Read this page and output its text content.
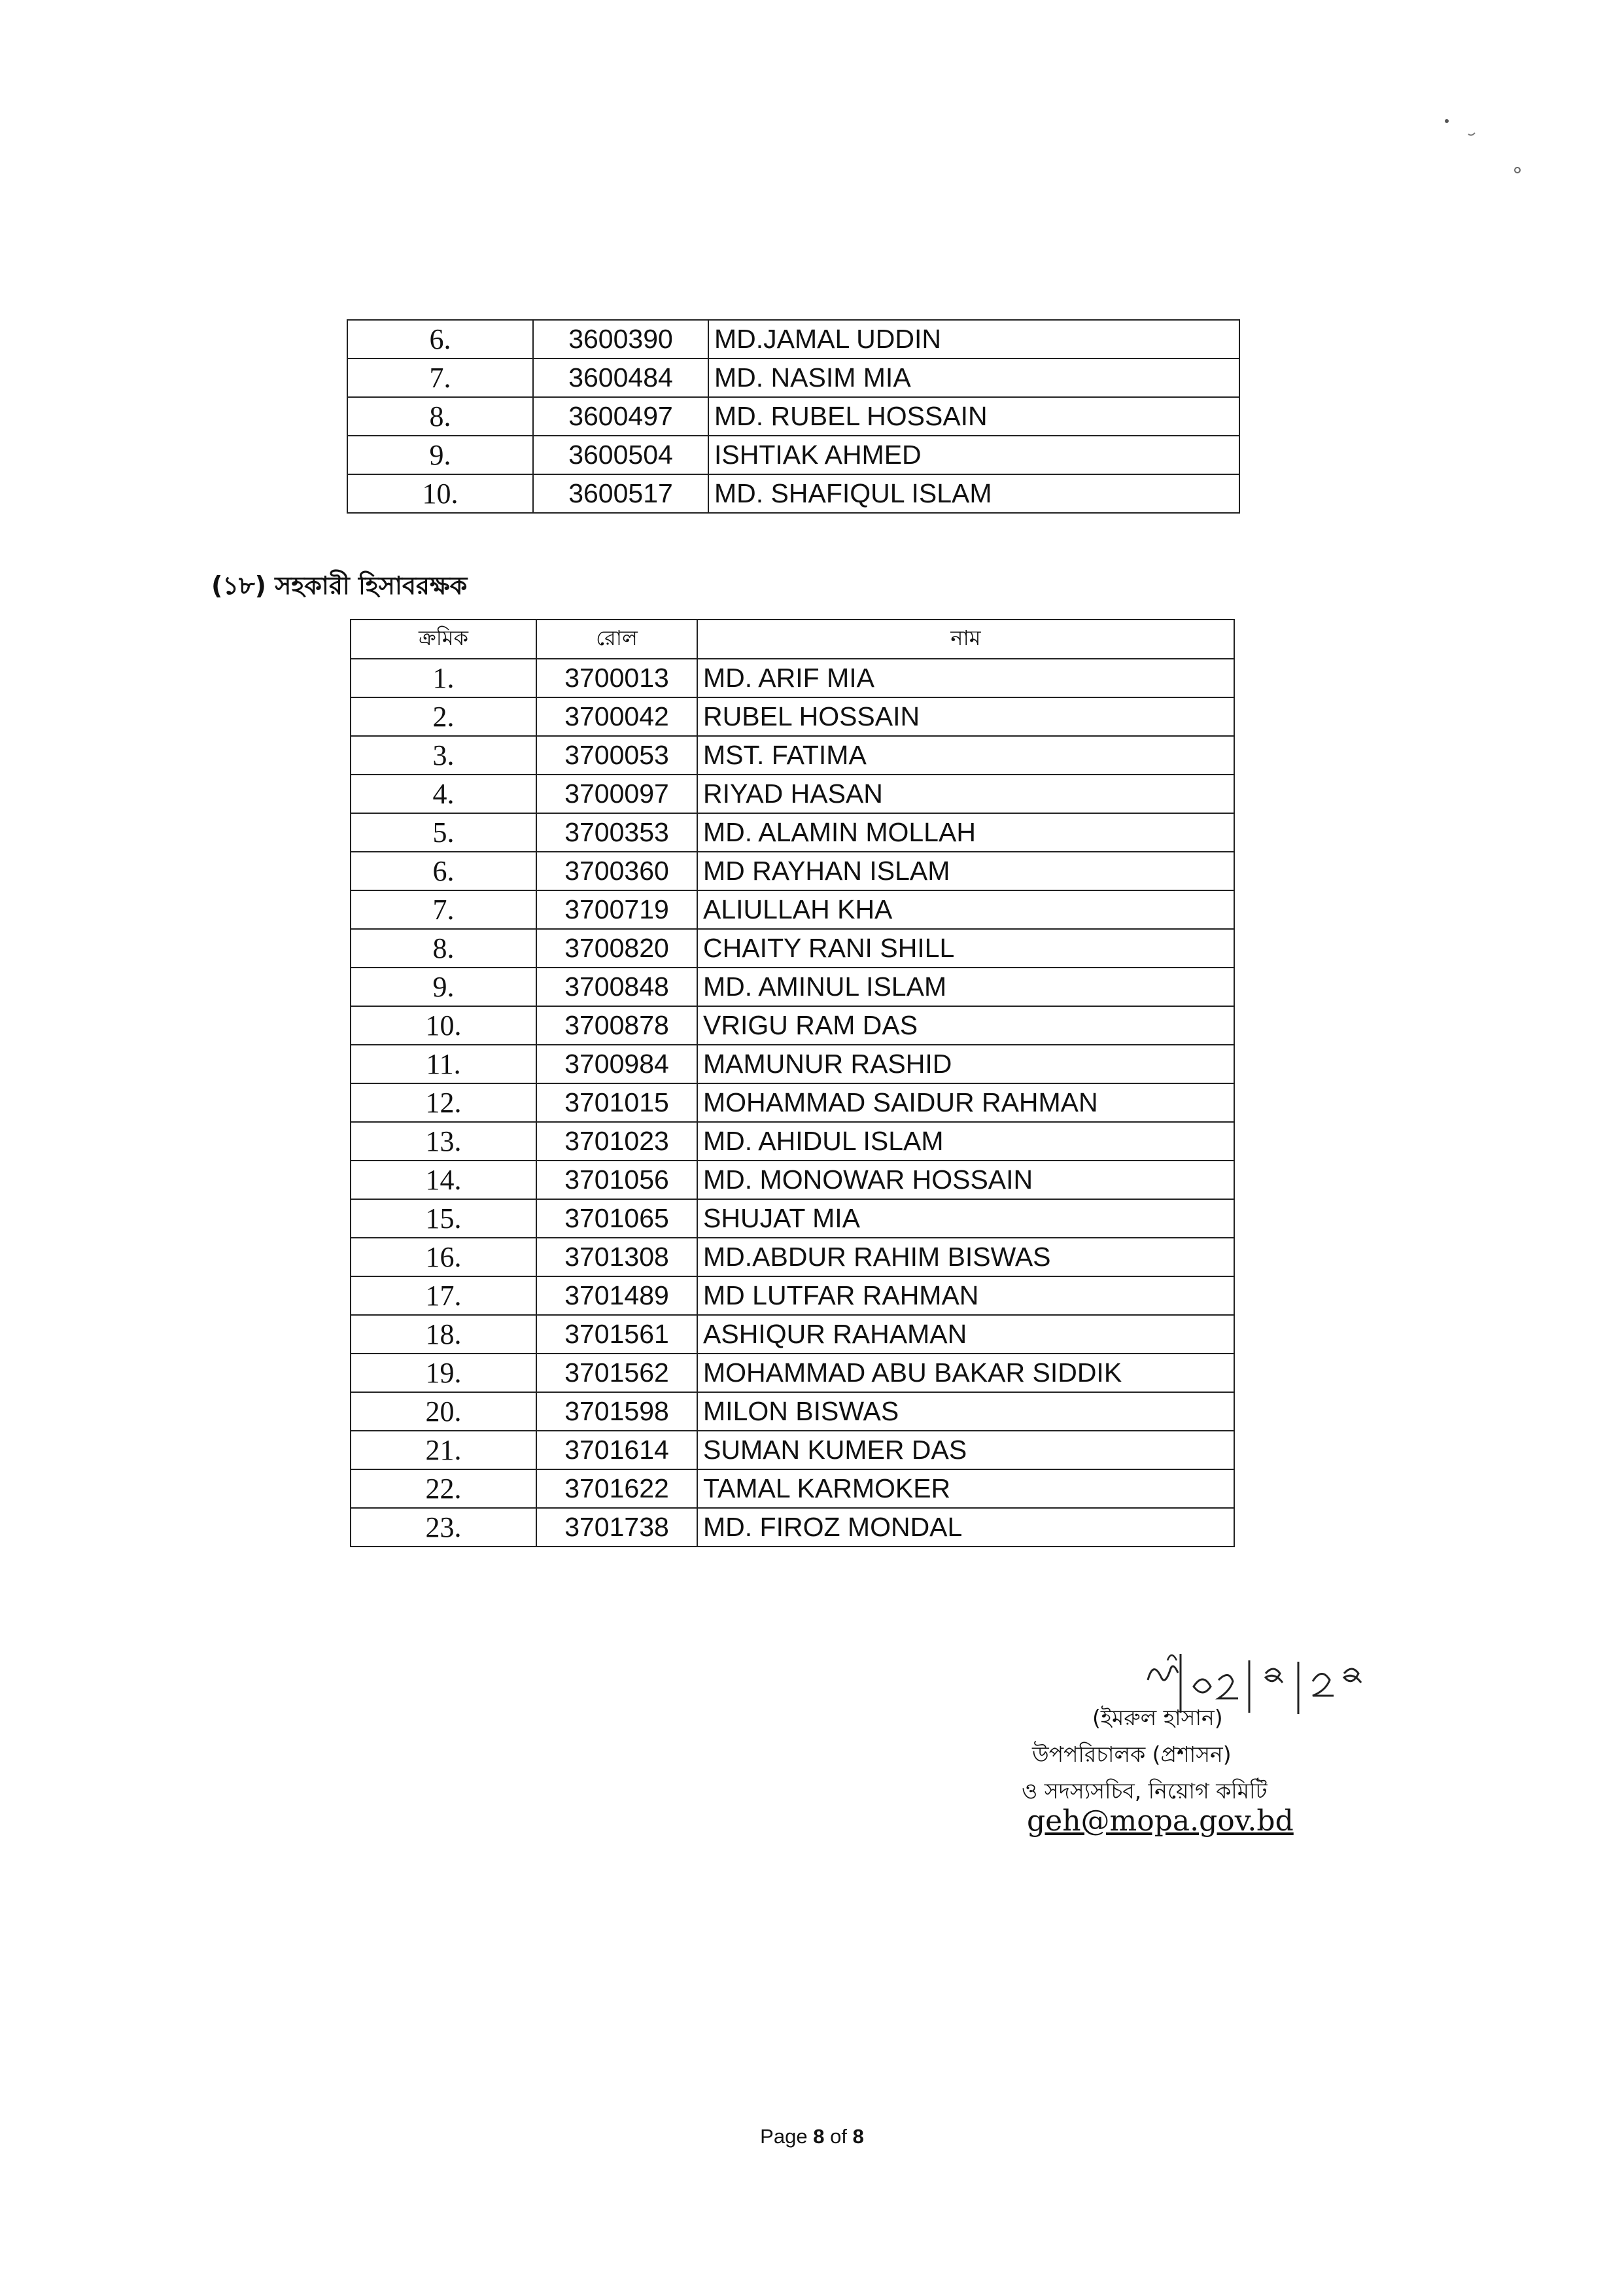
6.	3600390	MD.JAMAL UDDIN
7.	3600484	MD. NASIM MIA
8.	3600497	MD. RUBEL HOSSAIN
9.	3600504	ISHTIAK AHMED
10.	3600517	MD. SHAFIQUL ISLAM
(১৮) সহকারী হিসাবরক্ষক
ক্রমিক	রোল	নাম
1.	3700013	MD. ARIF MIA
2.	3700042	RUBEL HOSSAIN
3.	3700053	MST. FATIMA
4.	3700097	RIYAD HASAN
5.	3700353	MD. ALAMIN MOLLAH
6.	3700360	MD RAYHAN ISLAM
7.	3700719	ALIULLAH KHA
8.	3700820	CHAITY RANI SHILL
9.	3700848	MD. AMINUL ISLAM
10.	3700878	VRIGU RAM DAS
11.	3700984	MAMUNUR RASHID
12.	3701015	MOHAMMAD SAIDUR RAHMAN
13.	3701023	MD. AHIDUL ISLAM
14.	3701056	MD. MONOWAR HOSSAIN
15.	3701065	SHUJAT MIA
16.	3701308	MD.ABDUR RAHIM BISWAS
17.	3701489	MD LUTFAR RAHMAN
18.	3701561	ASHIQUR RAHAMAN
19.	3701562	MOHAMMAD ABU BAKAR SIDDIK
20.	3701598	MILON BISWAS
21.	3701614	SUMAN KUMER DAS
22.	3701622	TAMAL KARMOKER
23.	3701738	MD. FIROZ MONDAL
(ইমরুল হাসান)
উপপরিচালক (প্রশাসন)
ও সদস্যসচিব, নিয়োগ কমিটি
geh@mopa.gov.bd
Page 8 of 8
